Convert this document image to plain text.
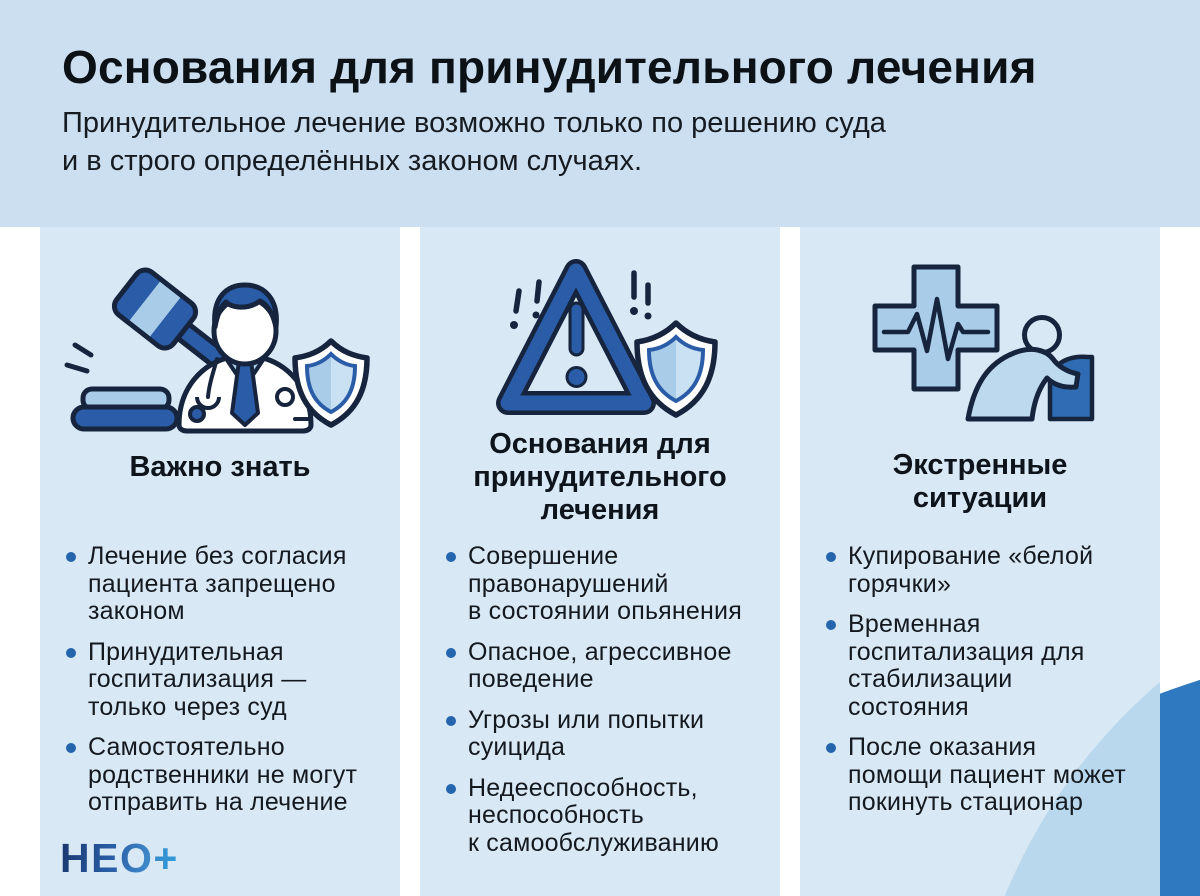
Основания для принудительного лечения

Принудительное лечение возможно только по решению суда
и в строго определённых законом случаях.

Важно знать
Лечение без согласия пациента запрещено законом
Принудительная госпитализация — только через суд
Самостоятельно родственники не могут отправить на лечение
НЕО+
Основания для принудительного лечения
Совершение правонарушений в состоянии опьянения
Опасное, агрессивное поведение
Угрозы или попытки суицида
Недееспособность, неспособность к самообслуживанию
Экстренные ситуации
Купирование «белой горячки»
Временная госпитализация для стабилизации состояния
После оказания помощи пациент может покинуть стационар
